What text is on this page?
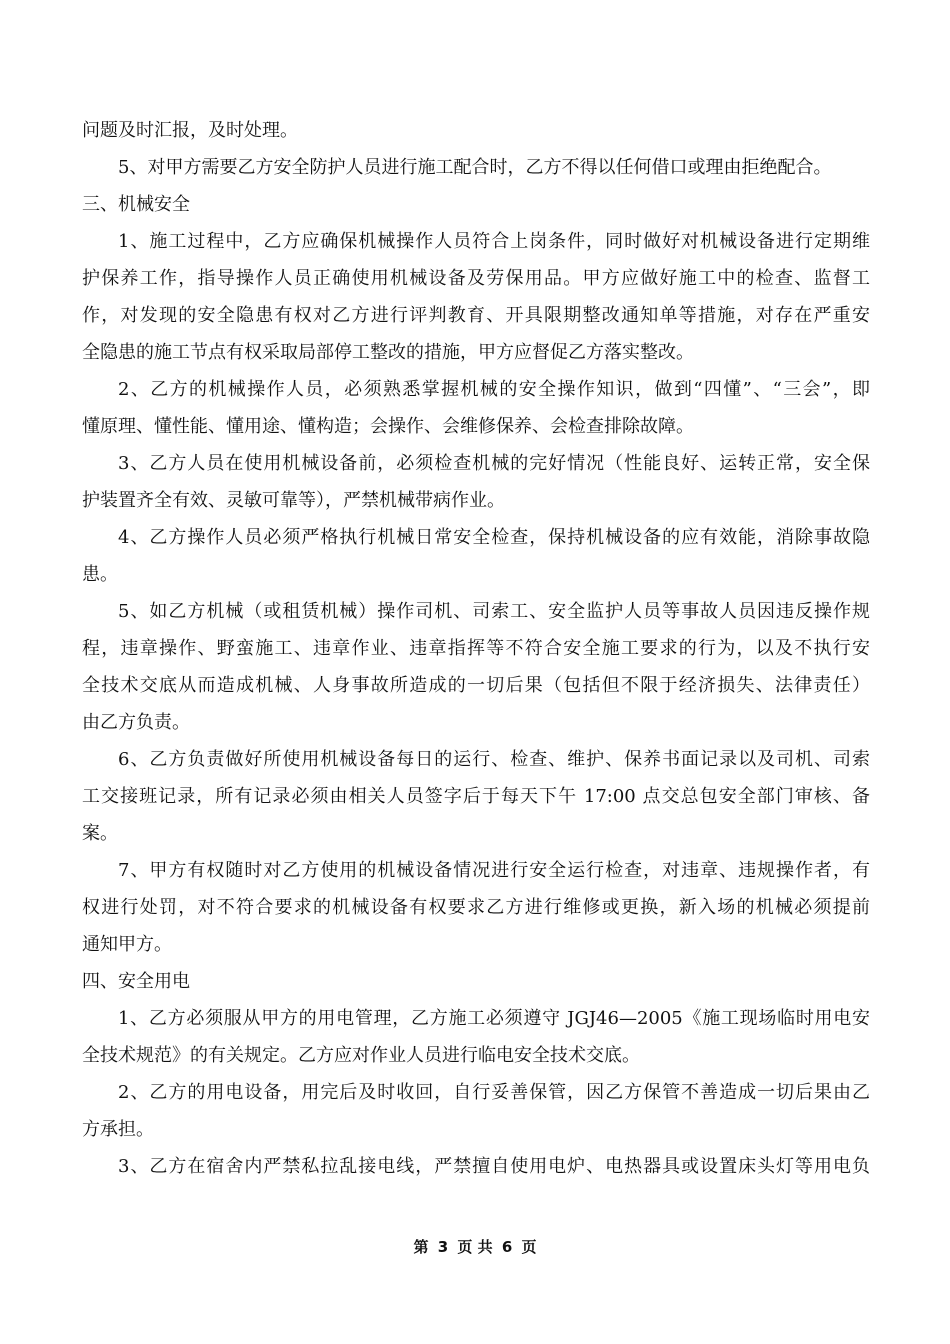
问题及时汇报，及时处理。
5、对甲方需要乙方安全防护人员进行施工配合时，乙方不得以任何借口或理由拒绝配合。
三、机械安全
1、施工过程中，乙方应确保机械操作人员符合上岗条件，同时做好对机械设备进行定期维
护保养工作，指导操作人员正确使用机械设备及劳保用品。甲方应做好施工中的检查、监督工
作，对发现的安全隐患有权对乙方进行评判教育、开具限期整改通知单等措施，对存在严重安
全隐患的施工节点有权采取局部停工整改的措施，甲方应督促乙方落实整改。
2、乙方的机械操作人员，必须熟悉掌握机械的安全操作知识，做到“四懂”、“三会”，即
懂原理、懂性能、懂用途、懂构造；会操作、会维修保养、会检查排除故障。
3、乙方人员在使用机械设备前，必须检查机械的完好情况（性能良好、运转正常，安全保
护装置齐全有效、灵敏可靠等），严禁机械带病作业。
4、乙方操作人员必须严格执行机械日常安全检查，保持机械设备的应有效能，消除事故隐
患。
5、如乙方机械（或租赁机械）操作司机、司索工、安全监护人员等事故人员因违反操作规
程，违章操作、野蛮施工、违章作业、违章指挥等不符合安全施工要求的行为，以及不执行安
全技术交底从而造成机械、人身事故所造成的一切后果（包括但不限于经济损失、法律责任）
由乙方负责。
6、乙方负责做好所使用机械设备每日的运行、检查、维护、保养书面记录以及司机、司索
工交接班记录，所有记录必须由相关人员签字后于每天下午 17:00 点交总包安全部门审核、备
案。
7、甲方有权随时对乙方使用的机械设备情况进行安全运行检查，对违章、违规操作者，有
权进行处罚，对不符合要求的机械设备有权要求乙方进行维修或更换，新入场的机械必须提前
通知甲方。
四、安全用电
1、乙方必须服从甲方的用电管理，乙方施工必须遵守 JGJ46—2005《施工现场临时用电安
全技术规范》的有关规定。乙方应对作业人员进行临电安全技术交底。
2、乙方的用电设备，用完后及时收回，自行妥善保管，因乙方保管不善造成一切后果由乙
方承担。
3、乙方在宿舍内严禁私拉乱接电线，严禁擅自使用电炉、电热器具或设置床头灯等用电负
第 3 页 共 6 页
